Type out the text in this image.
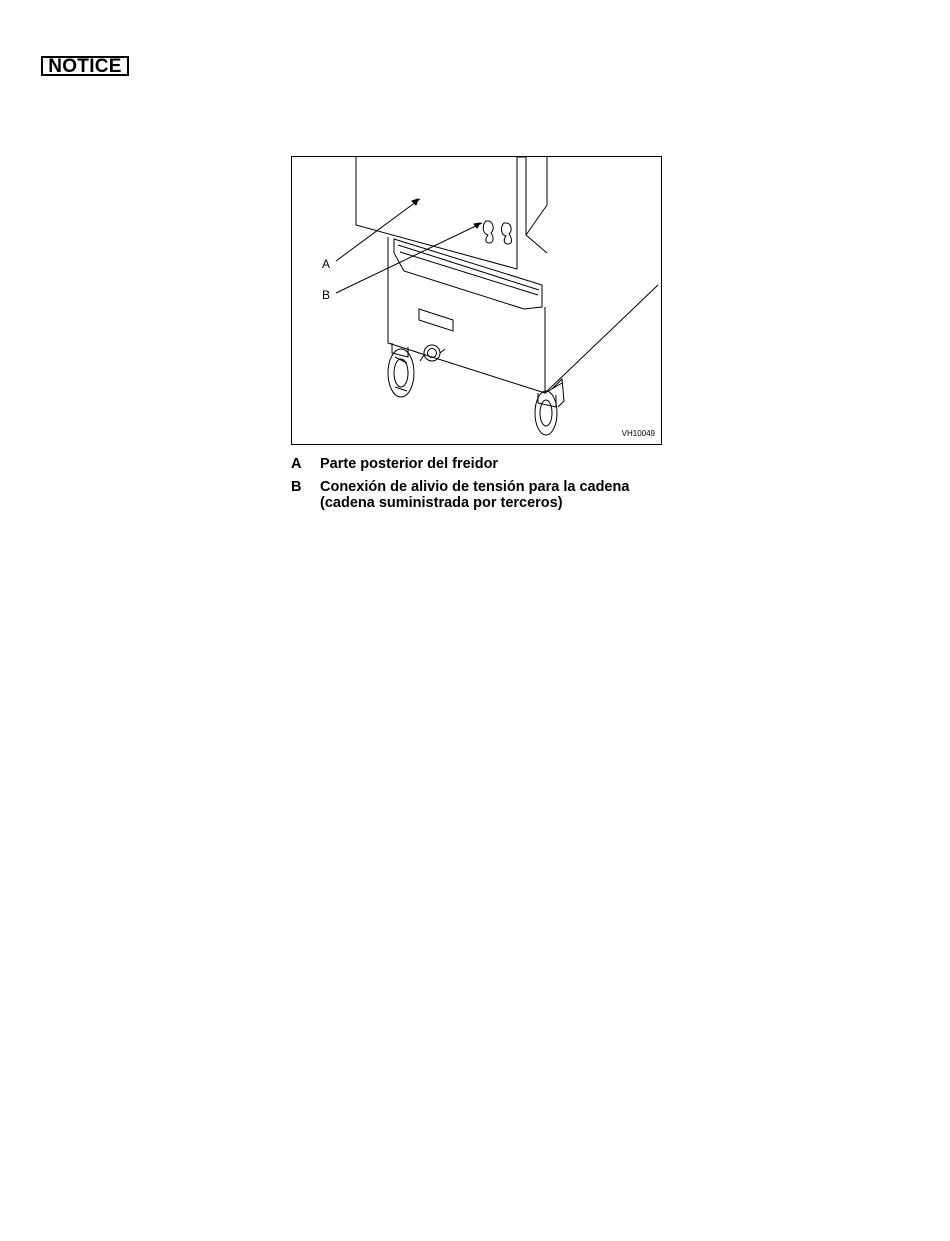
NOTICE
A
B
VH10049
A	Parte posterior del freidor
B	Conexión de alivio de tensión para la cadena
(cadena suministrada por terceros)
